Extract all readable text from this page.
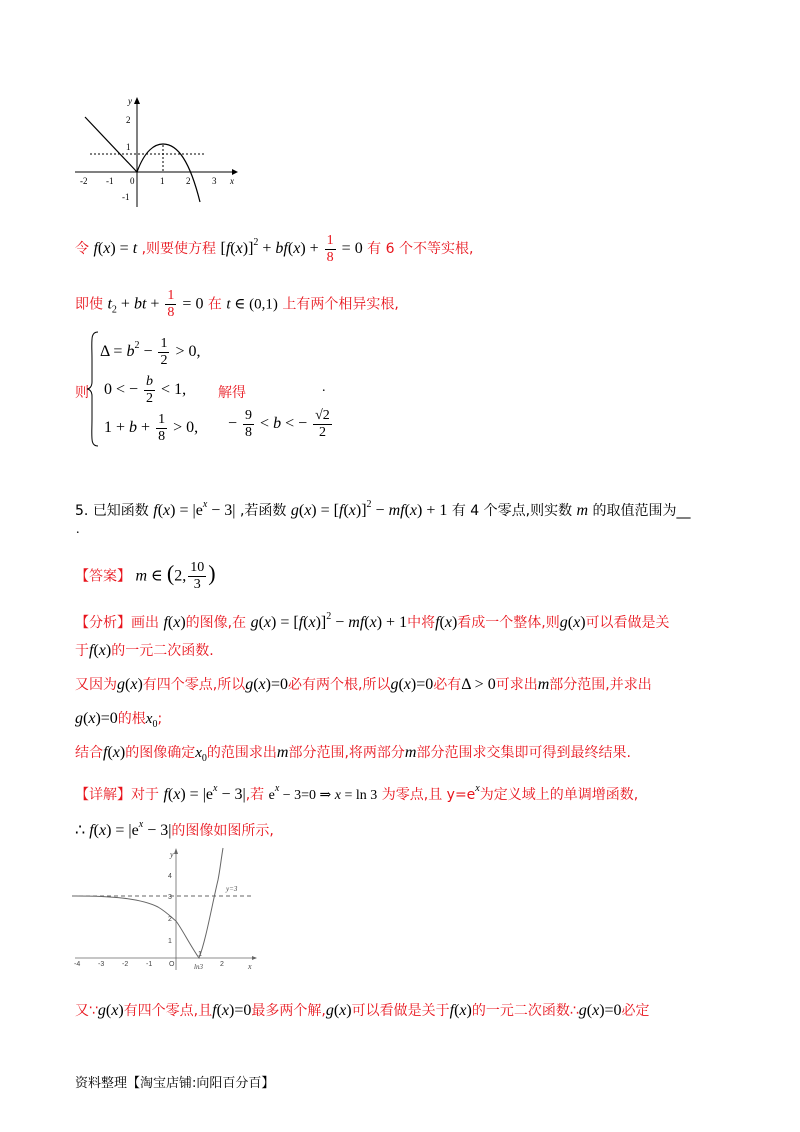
y
x
-2 -1 0	1 2 3
2
1
-1
令 f(x) = t ,则要使方程 $[f(x)]^2 + bf(x) + \frac{1}{8} = 0$ 有 6 个不等实根,
即使 $t_2$ + bt + $\frac{1}{8} = 0$ 在 t ∈ (0,1) 上有两个相异实根,
则
$\Delta = b^2 - \frac{1}{2} > 0$,
0 < − $\frac{b}{2} < 1$,
$1 + b + \frac{1}{8} > 0$,
解得
− $\frac{9}{8} < b$ < − $\frac{√2}{2}$
.
5. 已知函数 $f(x) = |e^x - 3|$ ,若函数 $g(x) = [f(x)]^2 - mf(x) + 1$ 有 4 个零点,则实数 m 的取值范围为__
.
【答案】 m ∈ (2, $\frac{10}{3}$ )
【分析】画出 f(x)的图像,在 $g(x) = [f(x)]^2 - mf(x) + 1$中将f(x)看成一个整体,则g(x)可以看做是关
于f(x)的一元二次函数.
又因为g(x)有四个零点,所以g(x)=0必有两个根,所以g(x)=0必有Δ > 0可求出m部分范围,并求出
g(x)=0的根$x_0$;
结合f(x)的图像确定$x_0$的范围求出m部分范围,将两部分m部分范围求交集即可得到最终结果.
【详解】对于 $f(x) = |e^x - 3|$,若 $e^x - 3=0$ ⇒ x = ln 3 为零点,且 $y=e^x$为定义域上的单调增函数,
∴ $f(x) = |e^x - 3|$的图像如图所示,
-4	-3	-2	-1 O
1
2
ln3
4
3
2
1
y
x
y=3
又∵g(x)有四个零点,且f(x)=0最多两个解,g(x)可以看做是关于f(x)的一元二次函数∴g(x)=0必定
资料整理【淘宝店铺:向阳百分百】
